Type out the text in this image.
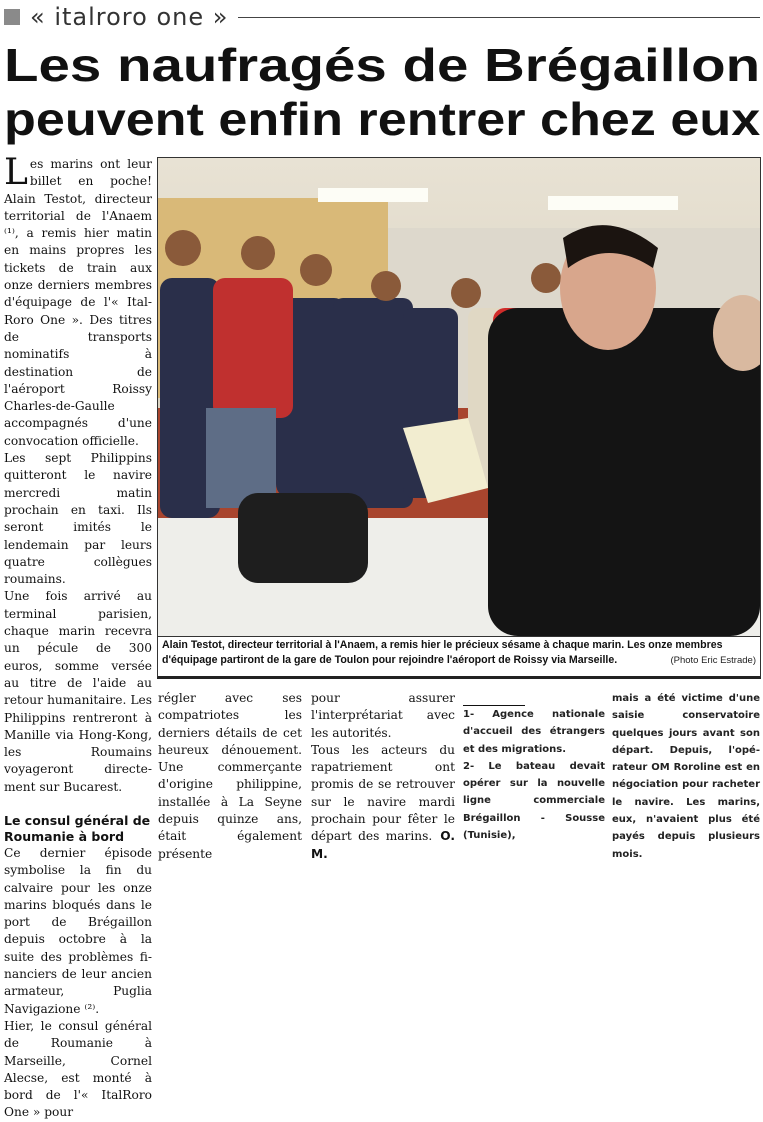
« italroro one »
Les naufragés de Brégaillon
peuvent enfin rentrer chez eux

Les marins ont leur billet en poche! Alain Testot, directeur territorial de l'Anaem ⁽¹⁾, a remis hier matin en mains propres les tickets de train aux onze derniers membres d'équipage de l'« ItalRoro One ». Des titres de transports nominatifs à destination de l'aéroport Roissy Charles-de-Gaulle accompagnés d'une convocation officielle.

Les sept Philippins quitteront le navire mercredi matin prochain en taxi. Ils seront imités le lendemain par leurs quatre collègues roumains.

Une fois arrivé au terminal parisien, chaque marin recevra un pécule de 300 euros, somme versée au titre de l'aide au retour humanitaire. Les Philippins rentreront à Manille via Hong-Kong, les Roumains voyageront directement sur Bucarest.

Le consul général de Roumanie à bord

Ce dernier épisode symbolise la fin du calvaire pour les onze marins bloqués dans le port de Brégaillon depuis octobre à la suite des problèmes financiers de leur ancien armateur, Puglia Navigazione ⁽²⁾.

Hier, le consul général de Roumanie à Marseille, Cornel Alecse, est monté à bord de l'« ItalRoro One » pour

Alain Testot, directeur territorial à l'Anaem, a remis hier le précieux sésame à chaque marin. Les onze membres d'équipage partiront de la gare de Toulon pour rejoindre l'aéroport de Roissy via Marseille.	(Photo Eric Estrade)

régler avec ses compatriotes les derniers détails de cet heureux dénouement. Une commerçante d'origine philippine, installée à La Seyne depuis quinze ans, était également présente

pour assurer l'interprétariat avec les autorités.

Tous les acteurs du rapatriement ont promis de se retrouver sur le navire mardi prochain pour fêter le départ des marins. O. M.

1- Agence nationale d'accueil des étrangers et des migrations.

2- Le bateau devait opérer sur la nouvelle ligne commerciale Brégaillon - Sousse (Tunisie),

mais a été victime d'une saisie conservatoire quelques jours avant son départ. Depuis, l'opérateur OM Roroline est en négociation pour racheter le navire. Les marins, eux, n'avaient plus été payés depuis plusieurs mois.
